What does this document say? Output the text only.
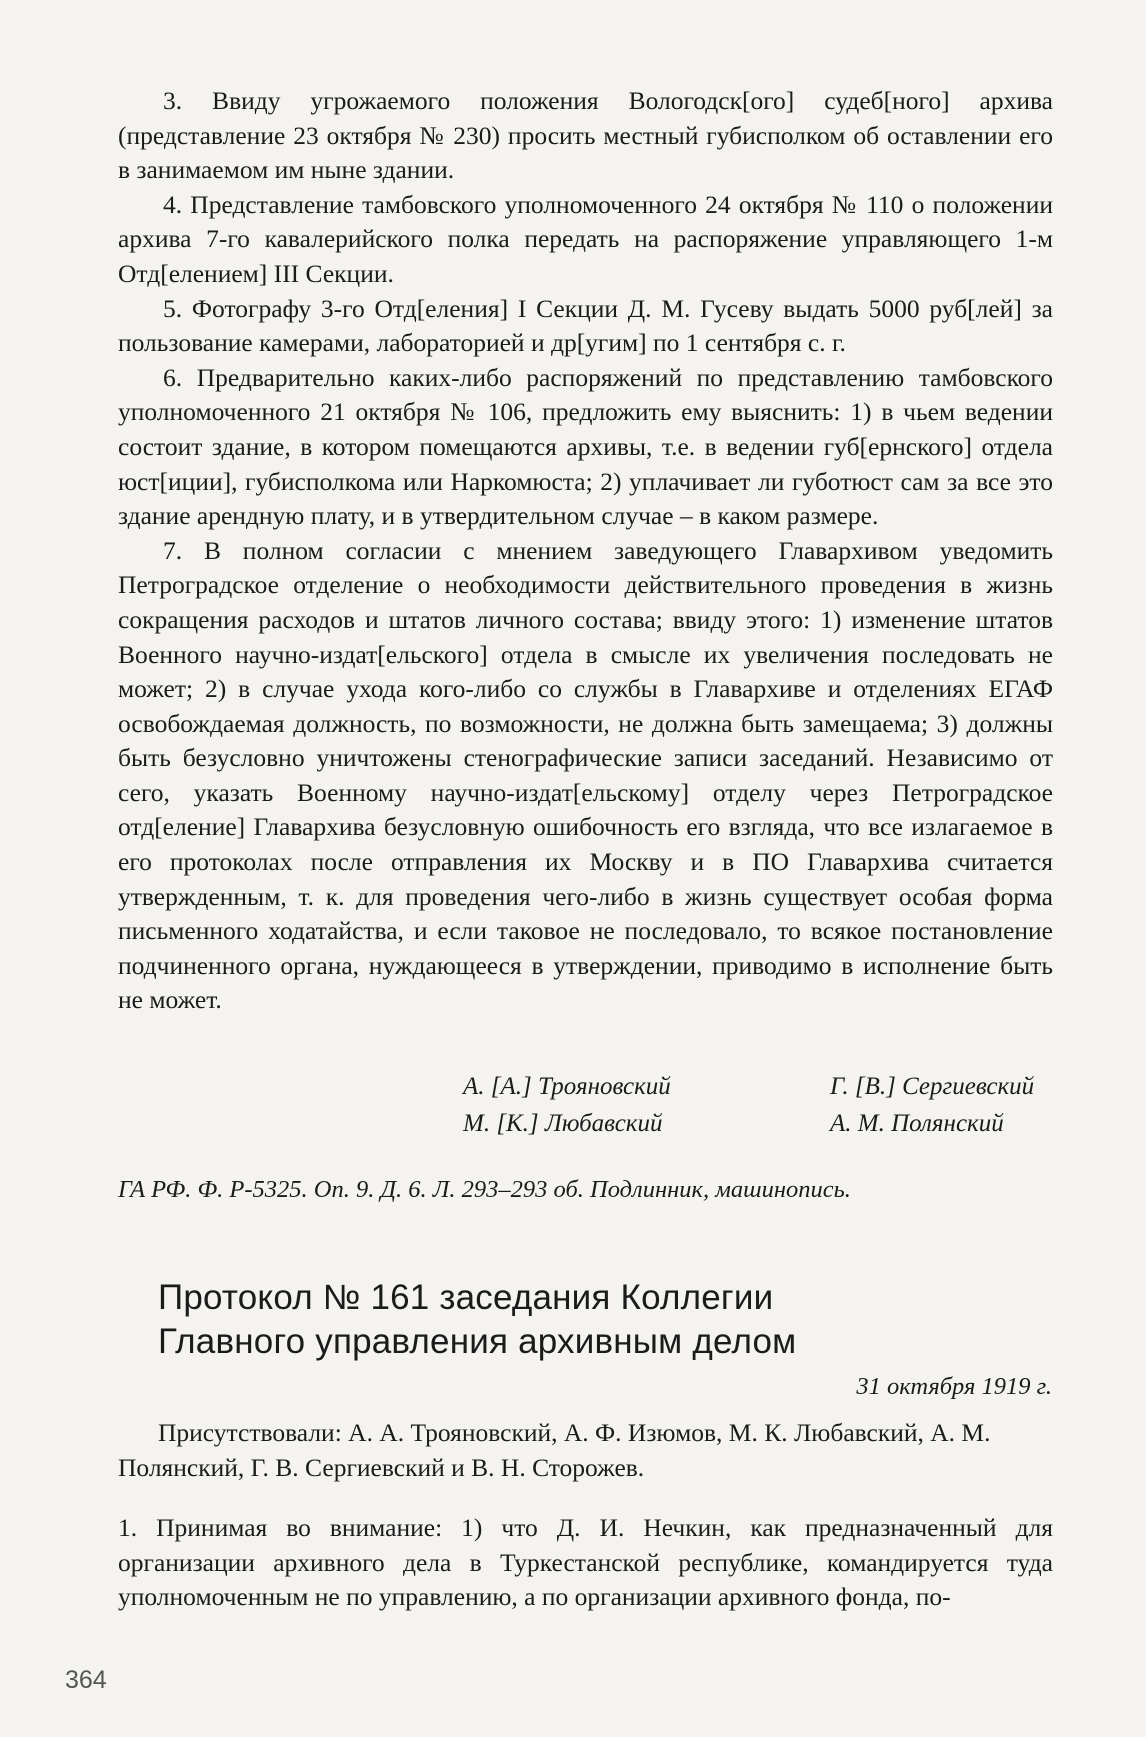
3. Ввиду угрожаемого положения Вологодск[ого] судеб[ного] архива (представление 23 октября № 230) просить местный губисполком об оставлении его в занимаемом им ныне здании.

4. Представление тамбовского уполномоченного 24 октября № 110 о положении архива 7-го кавалерийского полка передать на распоряжение управляющего 1-м Отд[елением] III Секции.

5. Фотографу 3-го Отд[еления] I Секции Д. М. Гусеву выдать 5000 руб[лей] за пользование камерами, лабораторией и др[угим] по 1 сентября с. г.

6. Предварительно каких-либо распоряжений по представлению тамбовского уполномоченного 21 октября № 106, предложить ему выяснить: 1) в чьем ведении состоит здание, в котором помещаются архивы, т.е. в ведении губ[ернского] отдела юст[иции], губисполкома или Наркомюста; 2) уплачивает ли губотюст сам за все это здание арендную плату, и в утвердительном случае – в каком размере.

7. В полном согласии с мнением заведующего Главархивом уведомить Петроградское отделение о необходимости действительного проведения в жизнь сокращения расходов и штатов личного состава; ввиду этого: 1) изменение штатов Военного научно-издат[ельского] отдела в смысле их увеличения последовать не может; 2) в случае ухода кого-либо со службы в Главархиве и отделениях ЕГАФ освобождаемая должность, по возможности, не должна быть замещаема; 3) должны быть безусловно уничтожены стенографические записи заседаний. Независимо от сего, указать Военному научно-издат[ельскому] отделу через Петроградское отд[еление] Главархива безусловную ошибочность его взгляда, что все излагаемое в его протоколах после отправления их Москву и в ПО Главархива считается утвержденным, т. к. для проведения чего-либо в жизнь существует особая форма письменного ходатайства, и если таковое не последовало, то всякое постановление подчиненного органа, нуждающееся в утверждении, приводимо в исполнение быть не может.

А. [А.] Трояновский	Г. [В.] Сергиевский
М. [К.] Любавский	А. М. Полянский
ГА РФ. Ф. Р-5325. Оп. 9. Д. 6. Л. 293–293 об. Подлинник, машинопись.
Протокол № 161 заседания Коллегии
Главного управления архивным делом
31 октября 1919 г.

Присутствовали: А. А. Трояновский, А. Ф. Изюмов, М. К. Любавский, А. М. Полянский, Г. В. Сергиевский и В. Н. Сторожев.

1. Принимая во внимание: 1) что Д. И. Нечкин, как предназначенный для организации архивного дела в Туркестанской республике, командируется туда уполномоченным не по управлению, а по организации архивного фонда, по-

364
